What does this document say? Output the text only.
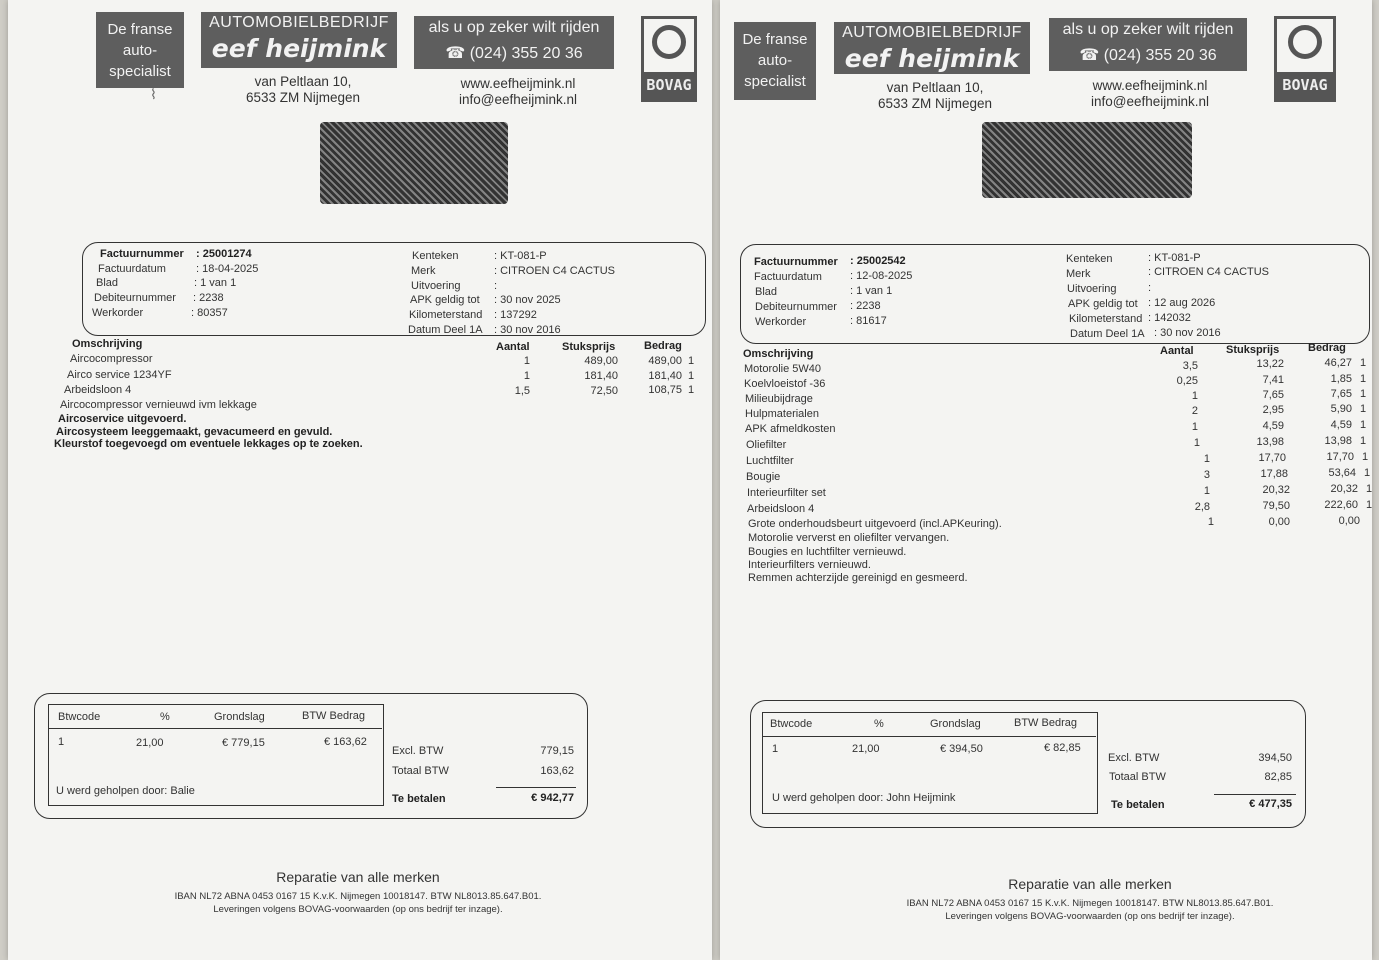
De franse
auto-
specialist
⌇
AUTOMOBIELBEDRIJF
eef heijmink
van Peltlaan 10,
6533 ZM Nijmegen
als u op zeker wilt rijden
☎ (024) 355 20 36
www.eefheijmink.nl
info@eefheijmink.nl
BOVAG
Factuurnummer : 25001274
Factuurdatum	: 18-04-2025
Blad	: 1 van 1
Debiteurnummer : 2238
Werkorder	: 80357
Kenteken	: KT-081-P
Merk	: CITROEN C4 CACTUS
Uitvoering	:
APK geldig tot : 30 nov 2025
Kilometerstand : 137292
Datum Deel 1A : 30 nov 2016
Omschrijving	Aantal	Stuksprijs	Bedrag
Aircocompressor	1	489,00	489,00 1
Airco service 1234YF	1	181,40	181,40 1
Arbeidsloon 4	1,5	72,50	108,75 1
Aircocompressor vernieuwd ivm lekkage
Aircoservice uitgevoerd.
Aircosysteem leeggemaakt, gevacumeerd en gevuld.
Kleurstof toegevoegd om eventuele lekkages op te zoeken.
Btwcode	%	Grondslag	BTW Bedrag
1	21,00	€ 779,15	€ 163,62
U werd geholpen door: Balie
Excl. BTW	779,15
Totaal BTW	163,62
Te betalen	€ 942,77
Reparatie van alle merken
IBAN NL72 ABNA 0453 0167 15 K.v.K. Nijmegen 10018147. BTW NL8013.85.647.B01.
Leveringen volgens BOVAG-voorwaarden (op ons bedrijf ter inzage).
De franse
auto-
specialist
AUTOMOBIELBEDRIJF
eef heijmink
van Peltlaan 10,
6533 ZM Nijmegen
als u op zeker wilt rijden
☎ (024) 355 20 36
www.eefheijmink.nl
info@eefheijmink.nl
BOVAG
Factuurnummer : 25002542
Factuurdatum	: 12-08-2025
Blad	: 1 van 1
Debiteurnummer : 2238
Werkorder	: 81617
Kenteken	: KT-081-P
Merk	: CITROEN C4 CACTUS
Uitvoering	:
APK geldig tot : 12 aug 2026
Kilometerstand : 142032
Datum Deel 1A : 30 nov 2016
Omschrijving	Aantal	Stuksprijs	Bedrag
Motorolie 5W40	3,5	13,22	46,27 1
Koelvloeistof -36	0,25	7,41	1,85 1
Milieubijdrage	1	7,65	7,65 1
Hulpmaterialen	2	2,95	5,90 1
APK afmeldkosten	1	4,59	4,59 1
Oliefilter	1	13,98	13,98 1
Luchtfilter	1	17,70	17,70 1
Bougie	3	17,88	53,64 1
Interieurfilter set	1	20,32	20,32 1
Arbeidsloon 4	2,8	79,50	222,60 1
Grote onderhoudsbeurt uitgevoerd (incl.APKeuring).	1	0,00	0,00
Motorolie ververst en oliefilter vervangen.
Bougies en luchtfilter vernieuwd.
Interieurfilters vernieuwd.
Remmen achterzijde gereinigd en gesmeerd.
Btwcode	%	Grondslag	BTW Bedrag
1	21,00	€ 394,50	€ 82,85
U werd geholpen door: John Heijmink
Excl. BTW	394,50
Totaal BTW	82,85
Te betalen	€ 477,35
Reparatie van alle merken
IBAN NL72 ABNA 0453 0167 15 K.v.K. Nijmegen 10018147. BTW NL8013.85.647.B01.
Leveringen volgens BOVAG-voorwaarden (op ons bedrijf ter inzage).
